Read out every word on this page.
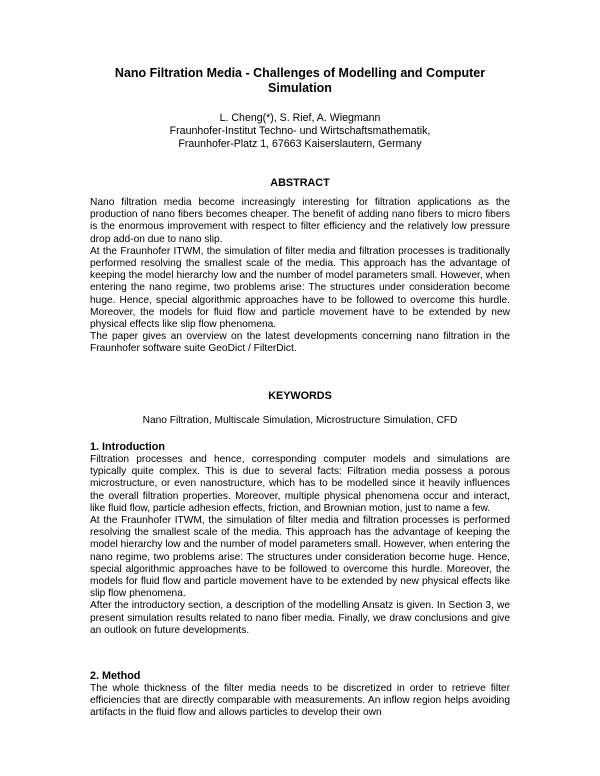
Nano Filtration Media - Challenges of Modelling and Computer Simulation
L. Cheng(*), S. Rief, A. Wiegmann
Fraunhofer-Institut Techno- und Wirtschaftsmathematik,
Fraunhofer-Platz 1, 67663 Kaiserslautern, Germany
ABSTRACT

Nano filtration media become increasingly interesting for filtration applications as the production of nano fibers becomes cheaper. The benefit of adding nano fibers to micro fibers is the enormous improvement with respect to filter efficiency and the relatively low pressure drop add-on due to nano slip.

At the Fraunhofer ITWM, the simulation of filter media and filtration processes is traditionally performed resolving the smallest scale of the media. This approach has the advantage of keeping the model hierarchy low and the number of model parameters small. However, when entering the nano regime, two problems arise: The structures under consideration become huge. Hence, special algorithmic approaches have to be followed to overcome this hurdle. Moreover, the models for fluid flow and particle movement have to be extended by new physical effects like slip flow phenomena.

The paper gives an overview on the latest developments concerning nano filtration in the Fraunhofer software suite GeoDict / FilterDict.

KEYWORDS
Nano Filtration, Multiscale Simulation, Microstructure Simulation, CFD
1. Introduction

Filtration processes and hence, corresponding computer models and simulations are typically quite complex. This is due to several facts: Filtration media possess a porous microstructure, or even nanostructure, which has to be modelled since it heavily influences the overall filtration properties. Moreover, multiple physical phenomena occur and interact, like fluid flow, particle adhesion effects, friction, and Brownian motion, just to name a few.

At the Fraunhofer ITWM, the simulation of filter media and filtration processes is performed resolving the smallest scale of the media. This approach has the advantage of keeping the model hierarchy low and the number of model parameters small. However, when entering the nano regime, two problems arise: The structures under consideration become huge. Hence, special algorithmic approaches have to be followed to overcome this hurdle. Moreover, the models for fluid flow and particle movement have to be extended by new physical effects like slip flow phenomena.

After the introductory section, a description of the modelling Ansatz is given. In Section 3, we present simulation results related to nano fiber media. Finally, we draw conclusions and give an outlook on future developments.

2. Method

The whole thickness of the filter media needs to be discretized in order to retrieve filter efficiencies that are directly comparable with measurements. An inflow region helps avoiding artifacts in the fluid flow and allows particles to develop their own
